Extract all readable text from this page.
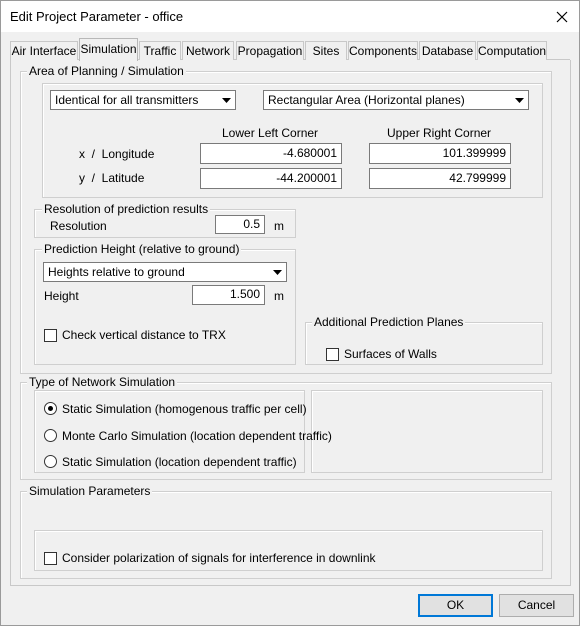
Edit Project Parameter - office
Air Interface Simulation Traffic Network Propagation Sites Components Database Computation
Area of Planning / Simulation
Identical for all transmitters	Rectangular Area (Horizontal planes)
Lower Left Corner	Upper Right Corner
x  /  Longitude	-4.680001	101.399999
y  /  Latitude	-44.200001	42.799999
Resolution of prediction results
Resolution	0.5	m
Prediction Height (relative to ground)
Heights relative to ground
Height	1.500	m
Check vertical distance to TRX
Additional Prediction Planes
Surfaces of Walls
Type of Network Simulation
Static Simulation (homogenous traffic per cell)
Monte Carlo Simulation (location dependent traffic)
Static Simulation (location dependent traffic)
Simulation Parameters
Consider polarization of signals for interference in downlink
OK	Cancel
